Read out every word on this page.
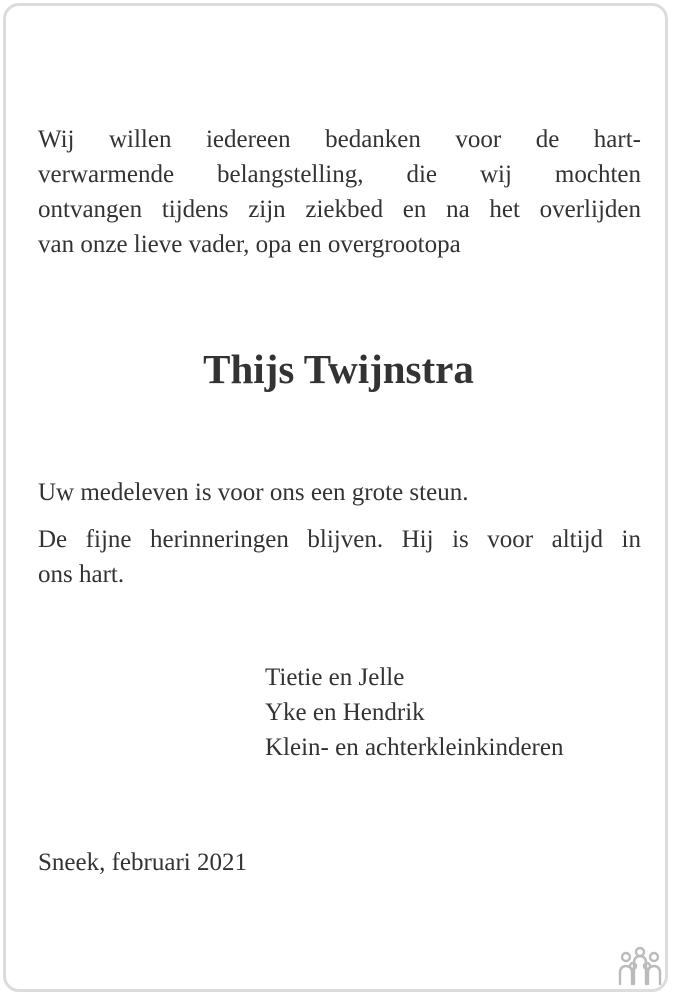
Wij willen iedereen bedanken voor de hart-
verwarmende belangstelling, die wij mochten
ontvangen tijdens zijn ziekbed en na het overlijden
van onze lieve vader, opa en overgrootopa
Thijs Twijnstra

Uw medeleven is voor ons een grote steun.

De fijne herinneringen blijven. Hij is voor altijd in
ons hart.
Tietie en Jelle
Yke en Hendrik
Klein- en achterkleinkinderen

Sneek, februari 2021
